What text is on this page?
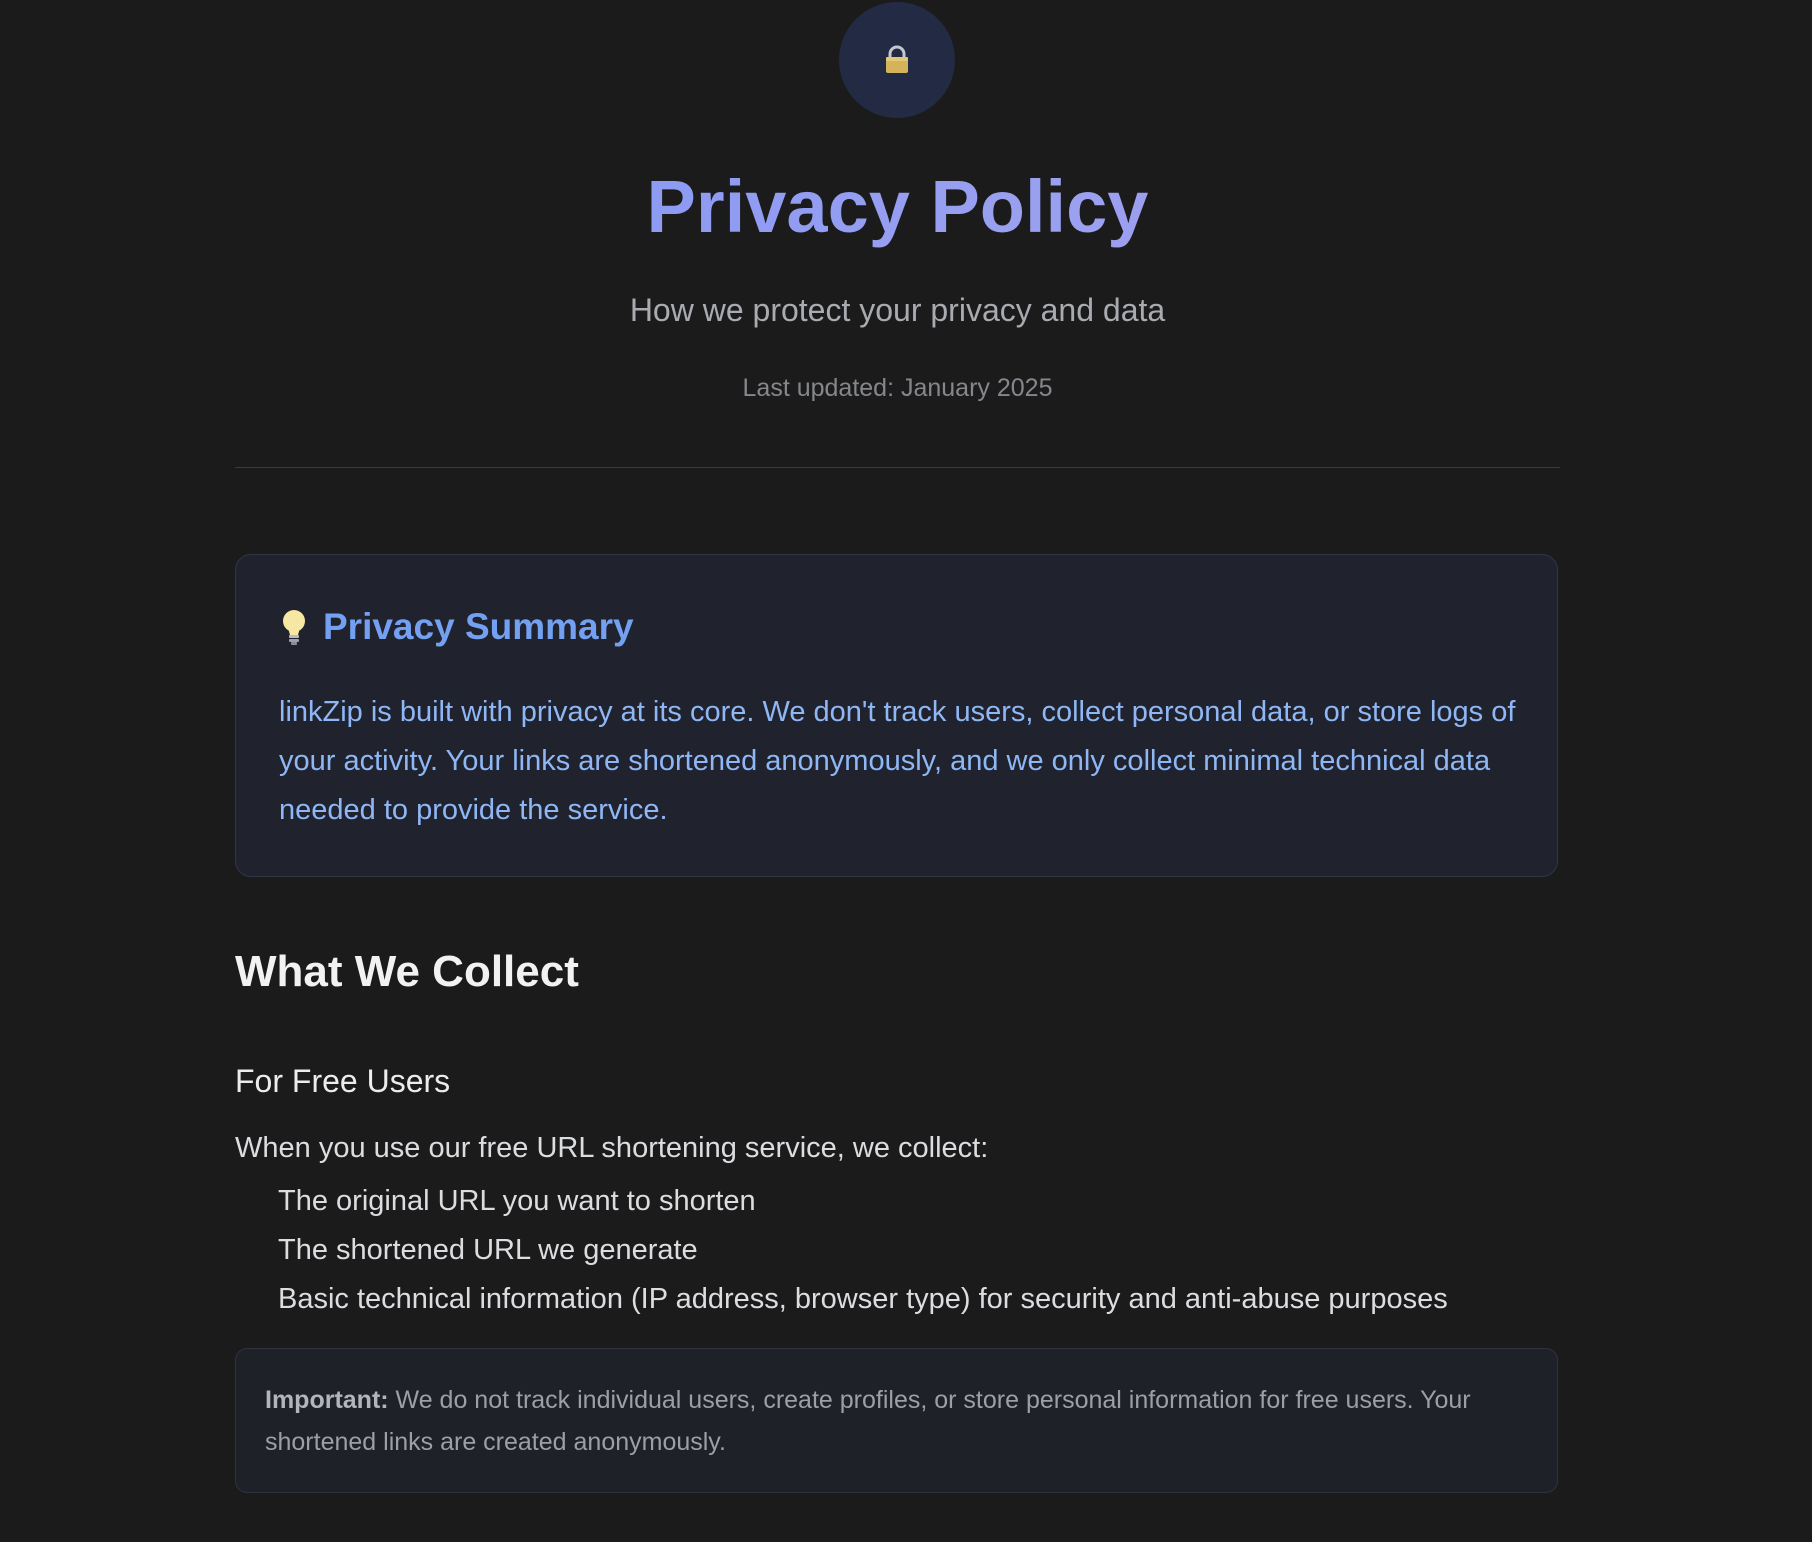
Privacy Policy

How we protect your privacy and data

Last updated: January 2025

Privacy Summary

linkZip is built with privacy at its core. We don't track users, collect personal data, or store logs of your activity. Your links are shortened anonymously, and we only collect minimal technical data needed to provide the service.

What We Collect
For Free Users

When you use our free URL shortening service, we collect:

The original URL you want to shorten
The shortened URL we generate
Basic technical information (IP address, browser type) for security and anti-abuse purposes

Important: We do not track individual users, create profiles, or store personal information for free users. Your shortened links are created anonymously.
